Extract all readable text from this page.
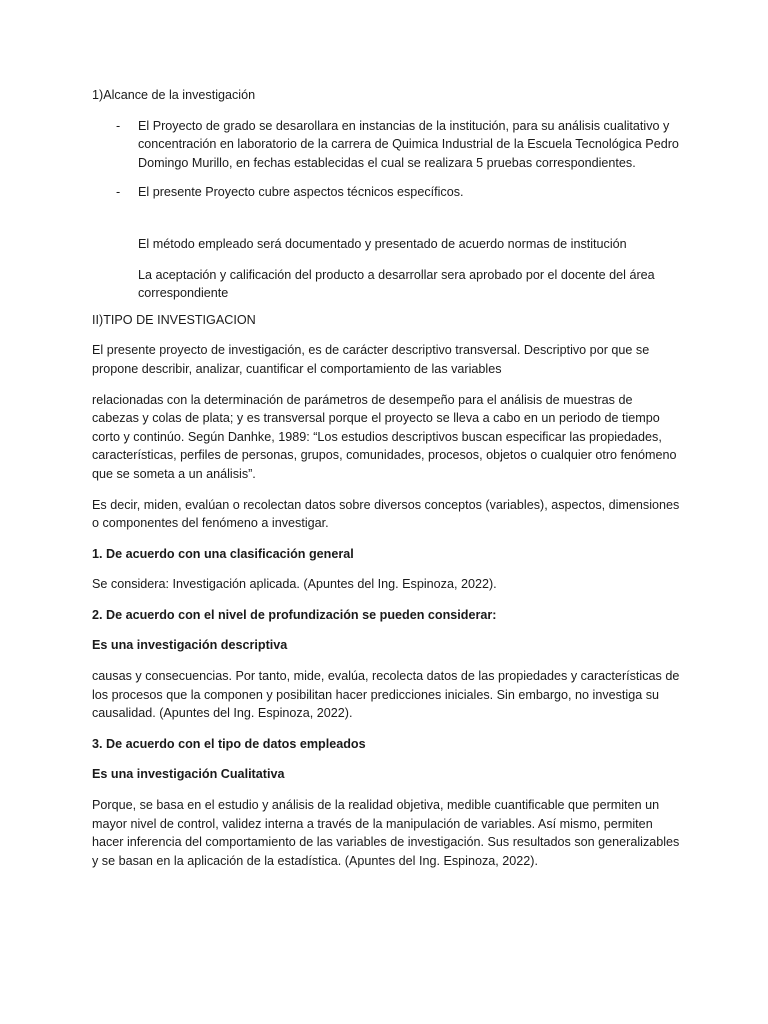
1)Alcance de la investigación

- El Proyecto de grado se desarollara en instancias de la institución, para su análisis cualitativo y concentración en laboratorio de la carrera de Quimica Industrial de la Escuela Tecnológica Pedro Domingo Murillo, en fechas establecidas el cual se realizara 5 pruebas correspondientes.
- El presente Proyecto cubre aspectos técnicos específicos.

El método empleado será documentado y presentado de acuerdo normas de institución

La aceptación y calificación del producto a desarrollar sera aprobado por el docente del área correspondiente

II)TIPO DE INVESTIGACION

El presente proyecto de investigación, es de carácter descriptivo transversal. Descriptivo por que se propone describir, analizar, cuantificar el comportamiento de las variables

relacionadas con la determinación de parámetros de desempeño para el análisis de muestras de cabezas y colas de plata; y es transversal porque el proyecto se lleva a cabo en un periodo de tiempo corto y continúo. Según Danhke, 1989: “Los estudios descriptivos buscan especificar las propiedades, características, perfiles de personas, grupos, comunidades, procesos, objetos o cualquier otro fenómeno que se someta a un análisis”.

Es decir, miden, evalúan o recolectan datos sobre diversos conceptos (variables), aspectos, dimensiones o componentes del fenómeno a investigar.

1. De acuerdo con una clasificación general

Se considera: Investigación aplicada. (Apuntes del Ing. Espinoza, 2022).

2. De acuerdo con el nivel de profundización se pueden considerar:

Es una investigación descriptiva

causas y consecuencias. Por tanto, mide, evalúa, recolecta datos de las propiedades y características de los procesos que la componen y posibilitan hacer predicciones iniciales. Sin embargo, no investiga su causalidad. (Apuntes del Ing. Espinoza, 2022).

3. De acuerdo con el tipo de datos empleados

Es una investigación Cualitativa

Porque, se basa en el estudio y análisis de la realidad objetiva, medible cuantificable que permiten un mayor nivel de control, validez interna a través de la manipulación de variables. Así mismo, permiten hacer inferencia del comportamiento de las variables de investigación. Sus resultados son generalizables y se basan en la aplicación de la estadística. (Apuntes del Ing. Espinoza, 2022).
